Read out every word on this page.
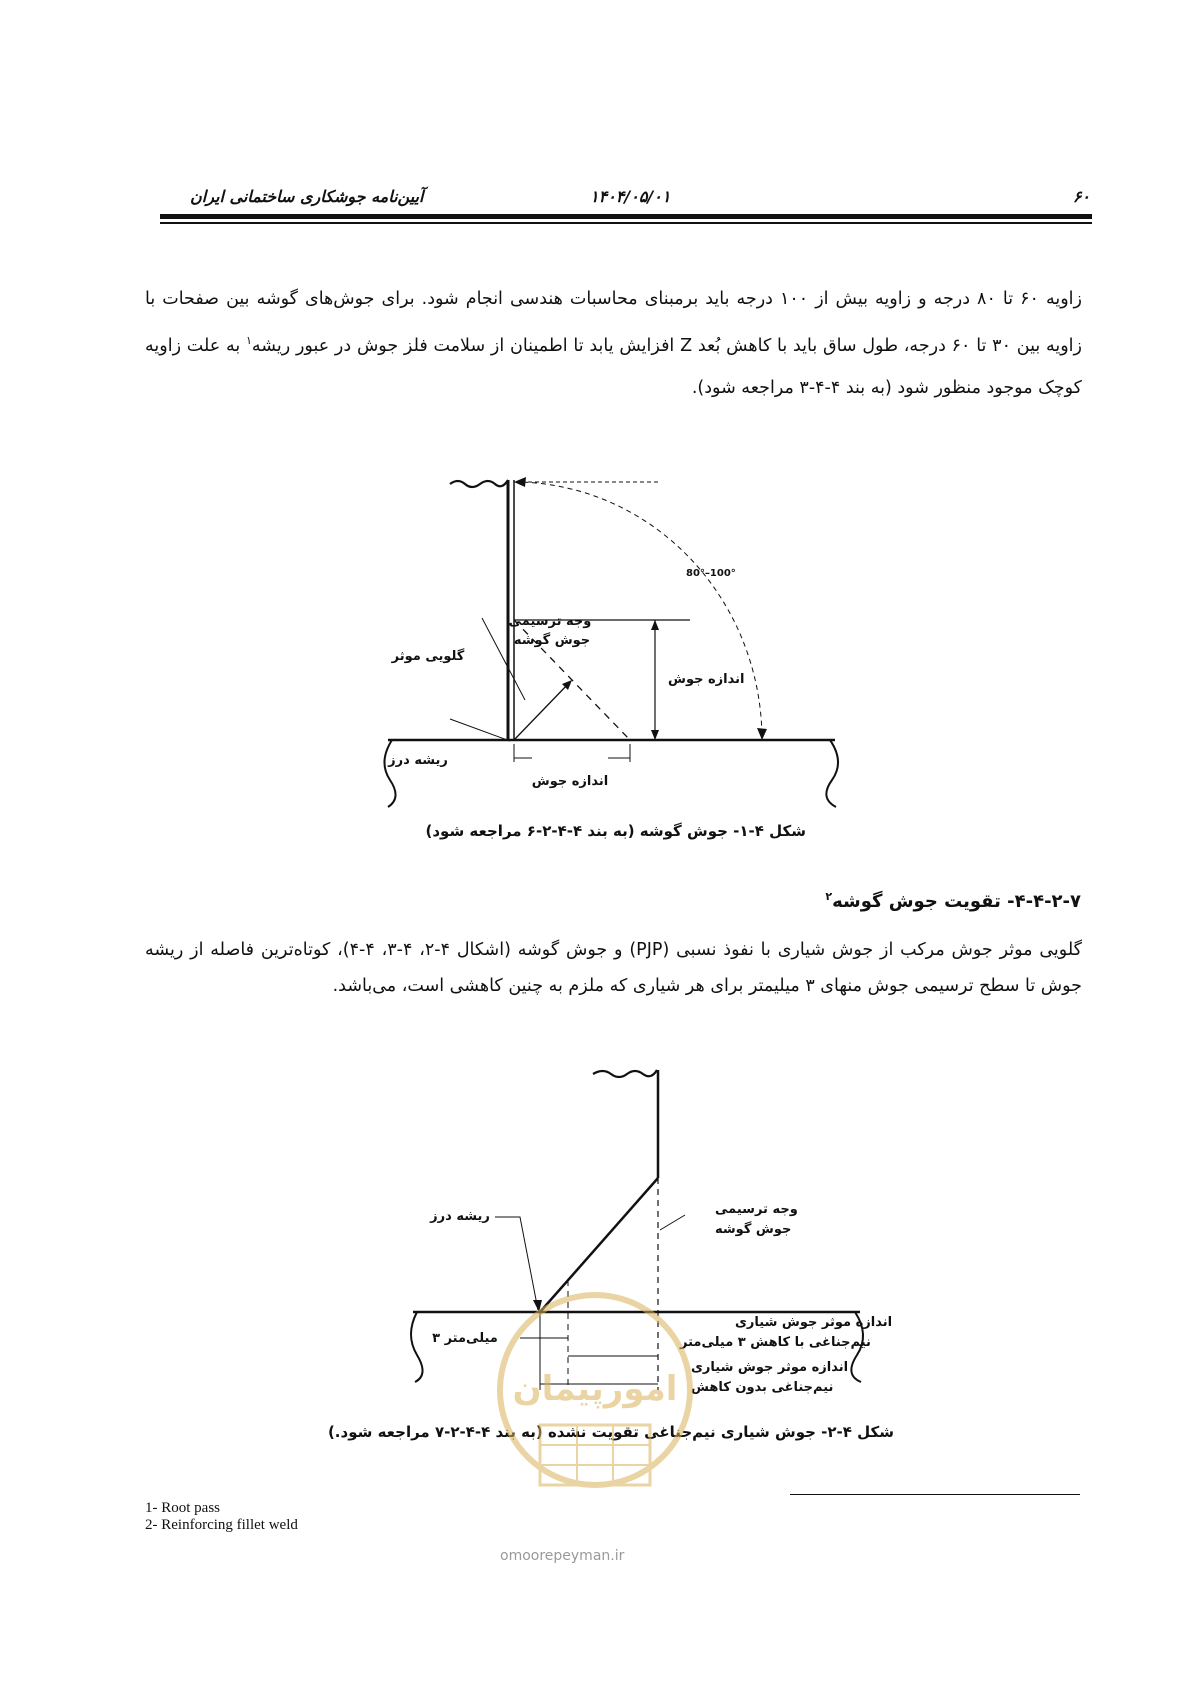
آیین‌نامه جوشکاری ساختمانی ایران	۱۴۰۴/۰۵/۰۱	۶۰
زاویه ۶۰ تا ۸۰ درجه و زاویه بیش از ۱۰۰ درجه باید برمبنای محاسبات هندسی انجام شود. برای جوش‌های گوشه بین صفحات با زاویه بین ۳۰ تا ۶۰ درجه، طول ساق باید با کاهش بُعد Z افزایش یابد تا اطمینان از سلامت فلز جوش در عبور ریشه$^۱$ به علت زاویه کوچک موجود منظور شود (به بند ۴-۴-۳ مراجعه شود).
80°–100°
وجه ترسیمی
جوش گوشه
گلویی موثر
اندازه جوش
ریشه درز
اندازه جوش
شکل ۴-۱- جوش گوشه (به بند ۴-۴-۲-۶ مراجعه شود)
۴-۴-۲-۷- تقویت جوش گوشه$^۲$
گلویی موثر جوش مرکب از جوش شیاری با نفوذ نسبی (PJP) و جوش گوشه (اشکال ۴-۲، ۴-۳، ۴-۴)، کوتاه‌ترین فاصله از ریشه جوش تا سطح ترسیمی جوش منهای ۳ میلیمتر برای هر شیاری که ملزم به چنین کاهشی است، می‌باشد.
ریشه درز	وجه ترسیمی
جوش گوشه
۳ میلی‌متر
اندازه موثر جوش شیاری
نیم‌جناغی با کاهش ۳ میلی‌متر
اندازه موثر جوش شیاری
نیم‌جناغی بدون کاهش
شکل ۴-۲- جوش شیاری نیم‌جناغی تقویت نشده (به بند ۴-۴-۲-۷ مراجعه شود.)
امورپیمان
omoorepeyman.ir
1- Root pass
2- Reinforcing fillet weld
